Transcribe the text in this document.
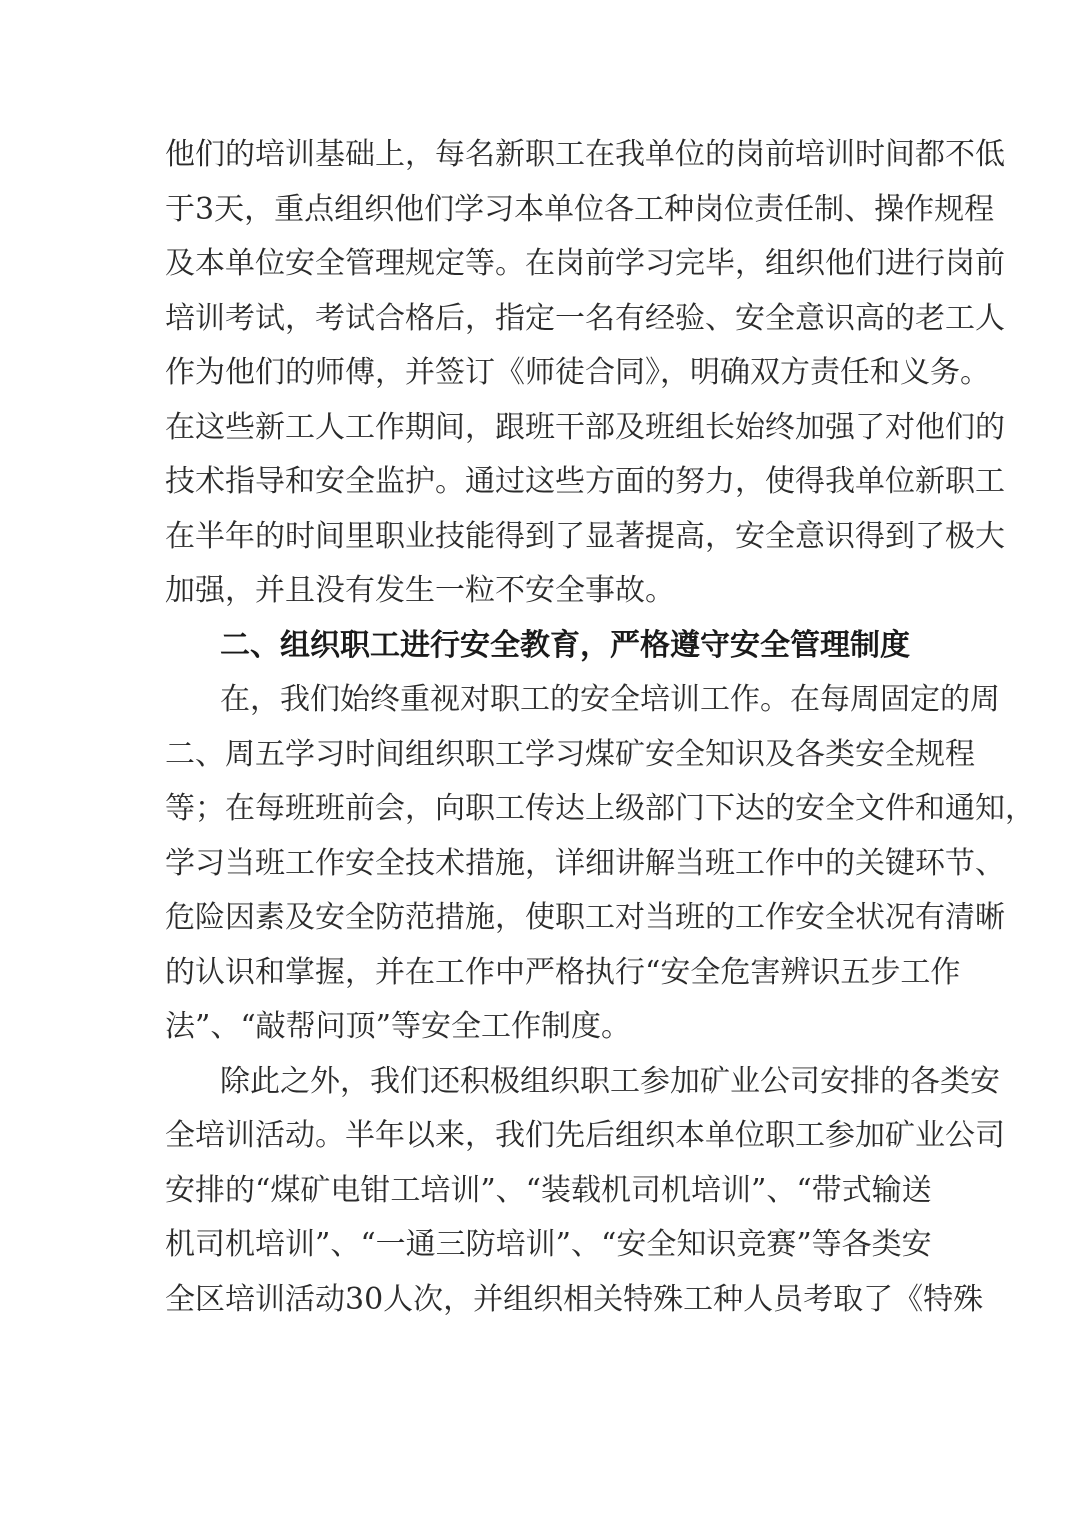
他们的培训基础上，每名新职工在我单位的岗前培训时间都不低
于3天，重点组织他们学习本单位各工种岗位责任制、操作规程
及本单位安全管理规定等。在岗前学习完毕，组织他们进行岗前
培训考试，考试合格后，指定一名有经验、安全意识高的老工人
作为他们的师傅，并签订《师徒合同》，明确双方责任和义务。
在这些新工人工作期间，跟班干部及班组长始终加强了对他们的
技术指导和安全监护。通过这些方面的努力，使得我单位新职工
在半年的时间里职业技能得到了显著提高，安全意识得到了极大
加强，并且没有发生一粒不安全事故。
二、组织职工进行安全教育，严格遵守安全管理制度
在，我们始终重视对职工的安全培训工作。在每周固定的周
二、周五学习时间组织职工学习煤矿安全知识及各类安全规程
等；在每班班前会，向职工传达上级部门下达的安全文件和通知，
学习当班工作安全技术措施，详细讲解当班工作中的关键环节、
危险因素及安全防范措施，使职工对当班的工作安全状况有清晰
的认识和掌握，并在工作中严格执行“安全危害辨识五步工作
法”、“敲帮问顶”等安全工作制度。
除此之外，我们还积极组织职工参加矿业公司安排的各类安
全培训活动。半年以来，我们先后组织本单位职工参加矿业公司
安排的“煤矿电钳工培训”、“装载机司机培训”、“带式输送
机司机培训”、“一通三防培训”、“安全知识竞赛”等各类安
全区培训活动30人次，并组织相关特殊工种人员考取了《特殊
